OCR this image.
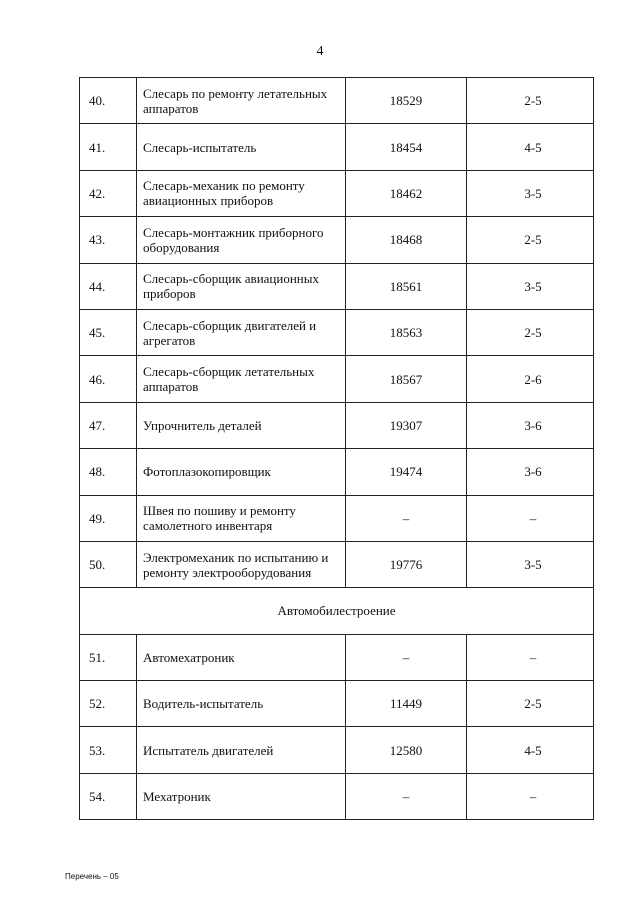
4
40.	Слесарь по ремонту летательных аппаратов	18529	2-5
41.	Слесарь-испытатель	18454	4-5
42.	Слесарь-механик по ремонту авиационных приборов	18462	3-5
43.	Слесарь-монтажник приборного оборудования	18468	2-5
44.	Слесарь-сборщик авиационных приборов	18561	3-5
45.	Слесарь-сборщик двигателей и агрегатов	18563	2-5
46.	Слесарь-сборщик летательных аппаратов	18567	2-6
47.	Упрочнитель деталей	19307	3-6
48.	Фотоплазокопировщик	19474	3-6
49.	Швея по пошиву и ремонту самолетного инвентаря	–	–
50.	Электромеханик по испытанию и ремонту электрооборудования	19776	3-5
Автомобилестроение			
51.	Автомехатроник	–	–
52.	Водитель-испытатель	11449	2-5
53.	Испытатель двигателей	12580	4-5
54.	Мехатроник	–	–
Перечень – 05
